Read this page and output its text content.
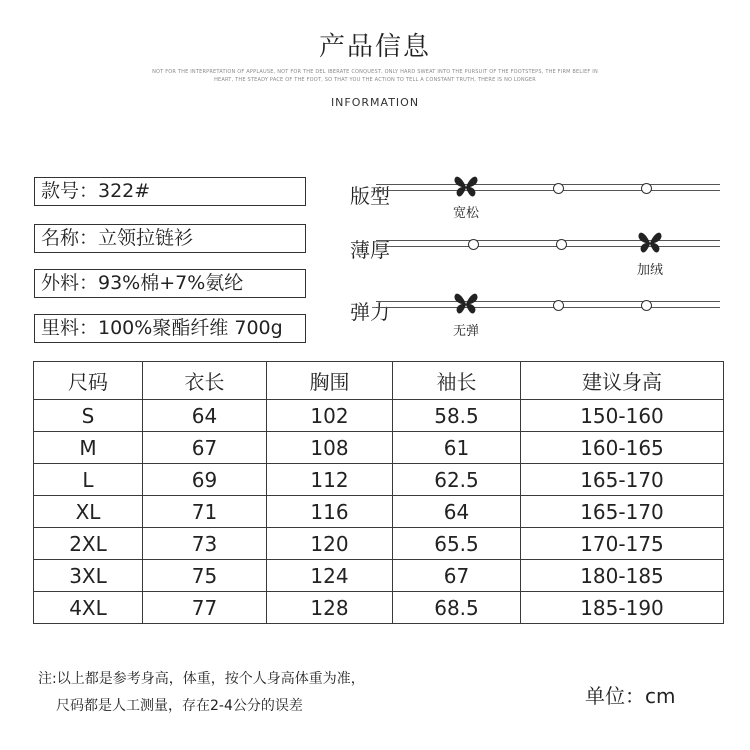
产品信息
NOT FOR THE INTERPRETATION OF APPLAUSE, NOT FOR THE DEL IBERATE CONQUEST, ONLY HARD SWEAT INTO THE PURSUIT OF THE FOOTSTEPS, THE FIRM BELIEF IN
HEART, THE STEADY PACE OF THE FOOT, SO THAT YOU THE ACTION TO TELL A CONSTANT TRUTH, THERE IS NO LONGER
INFORMATION
款号：322#
名称：立领拉链衫
外料：93%棉+7%氨纶
里料：100%聚酯纤维 700g
版型
薄厚
弹力
宽松
加绒
无弹
尺码	衣长	胸围	袖长	建议身高
S	64	102	58.5	150-160
M	67	108	61	160-165
L	69	112	62.5	165-170
XL	71	116	64	165-170
2XL	73	120	65.5	170-175
3XL	75	124	67	180-185
4XL	77	128	68.5	185-190
注:以上都是参考身高，体重，按个人身高体重为准，
尺码都是人工测量，存在2-4公分的误差	单位：cm
